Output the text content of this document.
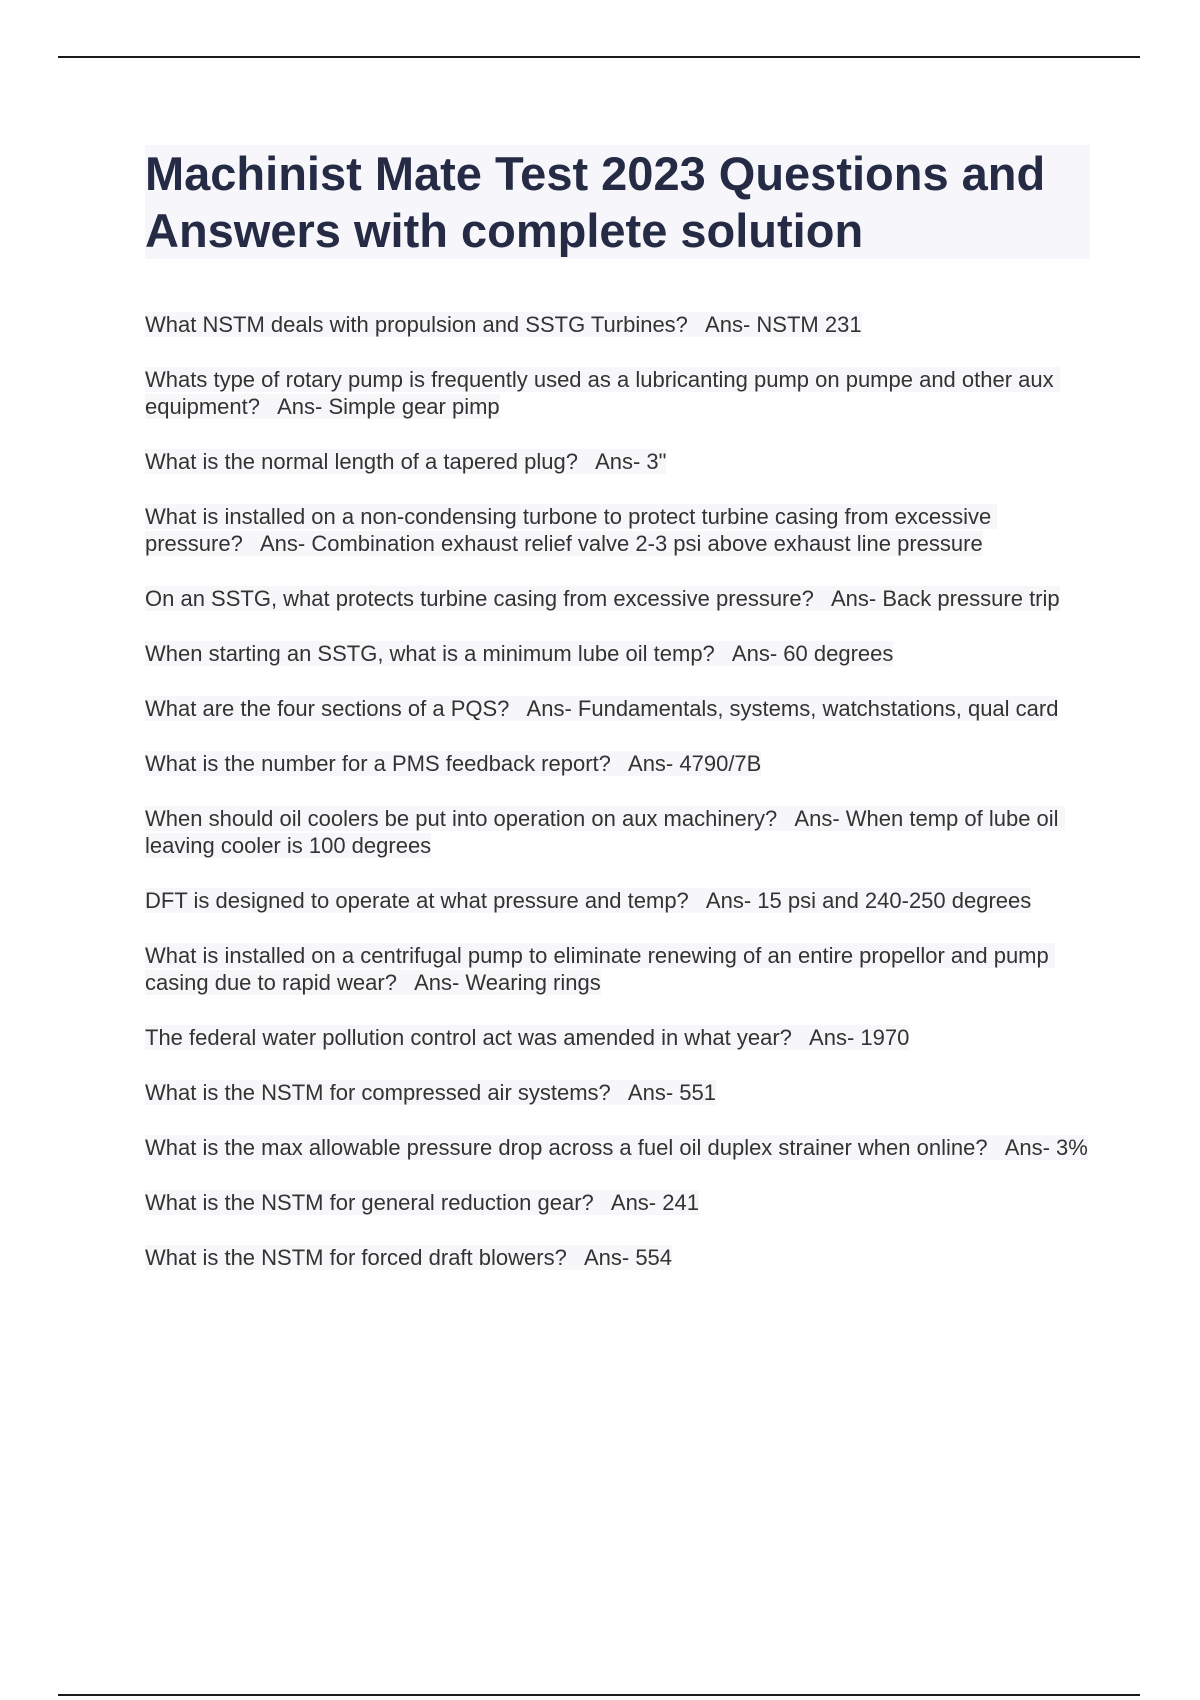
Machinist Mate Test 2023 Questions and Answers with complete solution
What NSTM deals with propulsion and SSTG Turbines? Ans- NSTM 231
Whats type of rotary pump is frequently used as a lubricanting pump on pumpe and other aux equipment? Ans- Simple gear pimp
What is the normal length of a tapered plug? Ans- 3"
What is installed on a non-condensing turbone to protect turbine casing from excessive pressure? Ans- Combination exhaust relief valve 2-3 psi above exhaust line pressure
On an SSTG, what protects turbine casing from excessive pressure? Ans- Back pressure trip
When starting an SSTG, what is a minimum lube oil temp? Ans- 60 degrees
What are the four sections of a PQS? Ans- Fundamentals, systems, watchstations, qual card
What is the number for a PMS feedback report? Ans- 4790/7B
When should oil coolers be put into operation on aux machinery? Ans- When temp of lube oil leaving cooler is 100 degrees
DFT is designed to operate at what pressure and temp? Ans- 15 psi and 240-250 degrees
What is installed on a centrifugal pump to eliminate renewing of an entire propellor and pump casing due to rapid wear? Ans- Wearing rings
The federal water pollution control act was amended in what year? Ans- 1970
What is the NSTM for compressed air systems? Ans- 551
What is the max allowable pressure drop across a fuel oil duplex strainer when online? Ans- 3%
What is the NSTM for general reduction gear? Ans- 241
What is the NSTM for forced draft blowers? Ans- 554
